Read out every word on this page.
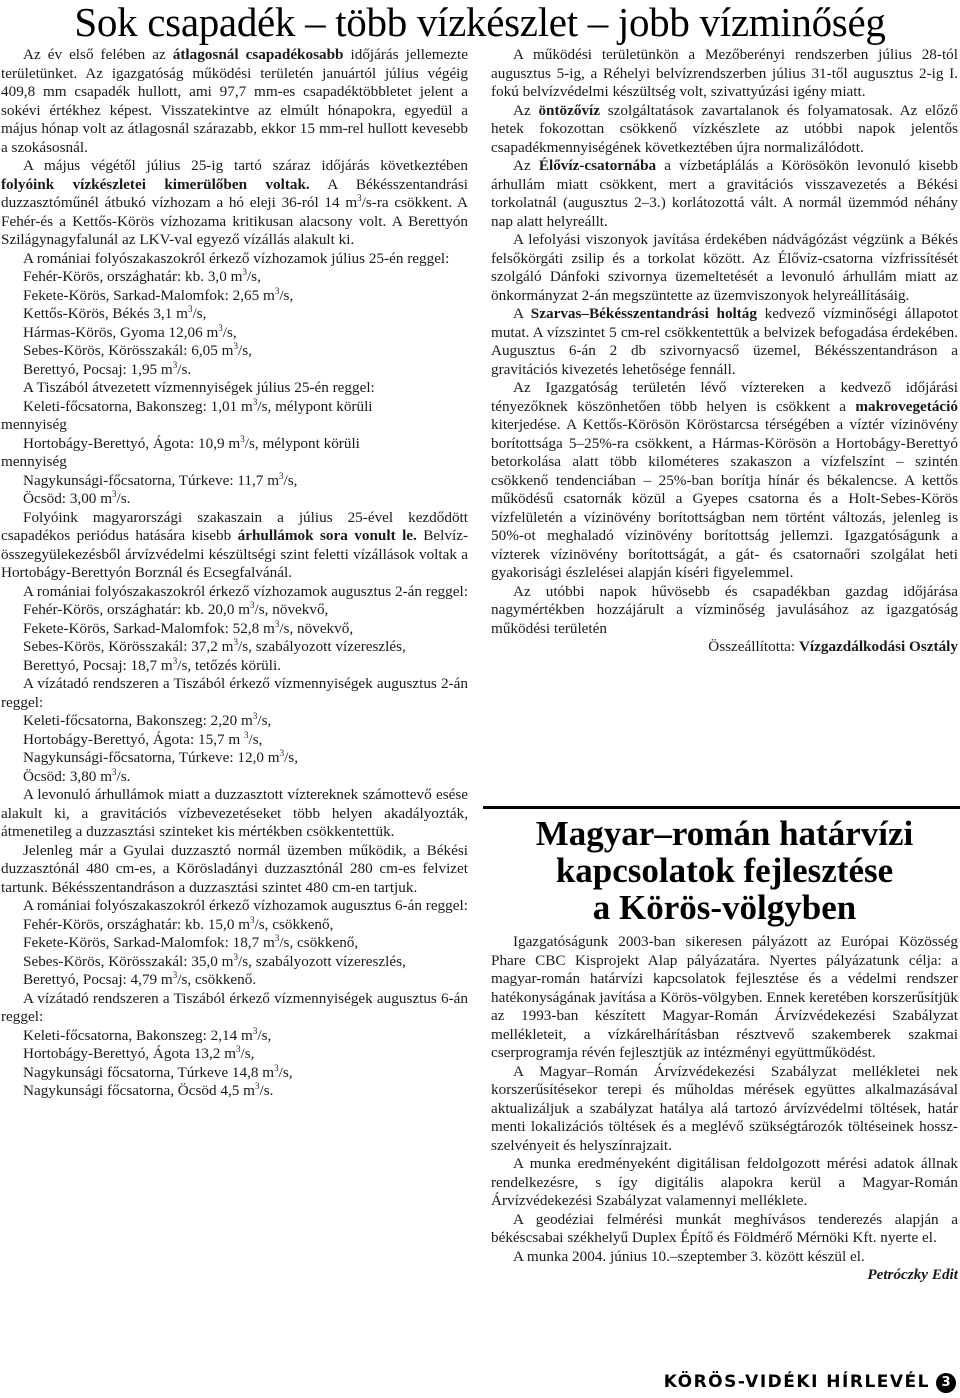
Sok csapadék – több vízkészlet – jobb vízminőség

Az év első felében az átlagosnál csapadékosabb időjárás jellemezte területünket. Az igazgatóság működési területén januártól július végéig 409,8 mm csapadék hullott, ami 97,7 mm-es csapadéktöbbletet jelent a sokévi értékhez képest. Visszatekintve az elmúlt hónapokra, egyedül a május hónap volt az átlagosnál szárazabb, ekkor 15 mm-rel hullott kevesebb a szokásosnál.

A május végétől július 25-ig tartó száraz időjárás következtében folyóink vízkészletei kimerülőben voltak. A Békésszentandrási duzzasztóműnél átbukó vízhozam a hó eleji 36-ról 14 $m^3/s-ra$ csökkent. A Fehér-és a Kettős-Körös vízhozama kritikusan alacsony volt. A Berettyón Szilágynagyfalunál az LKV-val egyező vízállás alakult ki.

A romániai folyószakaszokról érkező vízhozamok július 25-én reggel:

Fehér-Körös, országhatár: kb. 3,0 $m^3/s$,

Fekete-Körös, Sarkad-Malomfok: 2,65 $m^3/s$,

Kettős-Körös, Békés 3,1 $m^3/s$,

Hármas-Körös, Gyoma 12,06 $m^3/s$,

Sebes-Körös, Körösszakál: 6,05 $m^3/s$,

Berettyó, Pocsaj: 1,95 $m^3/s$.

A Tiszából átvezetett vízmennyiségek július 25-én reggel:

Keleti-főcsatorna, Bakonszeg: 1,01 $m^3/s$, mélypont körüli

mennyiség

Hortobágy-Berettyó, Ágota: 10,9 $m^3/s$, mélypont körüli

mennyiség

Nagykunsági-főcsatorna, Túrkeve: 11,7 $m^3/s$,

Öcsöd: 3,00 $m^3/s$.

Folyóink magyarországi szakaszain a július 25-ével kezdődött csapadékos periódus hatására kisebb árhullámok sora vonult le. Belvíz-összegyülekezésből árvízvédelmi készültségi szint feletti vízállások voltak a Hortobágy-Berettyón Borznál és Ecsegfalvánál.

A romániai folyószakaszokról érkező vízhozamok augusztus 2-án reggel:

Fehér-Körös, országhatár: kb. 20,0 $m^3/s$, növekvő,

Fekete-Körös, Sarkad-Malomfok: 52,8 $m^3/s$, növekvő,

Sebes-Körös, Körösszakál: 37,2 $m^3/s$, szabályozott vízereszlés,

Berettyó, Pocsaj: 18,7 $m^3/s$, tetőzés körüli.

A vízátadó rendszeren a Tiszából érkező vízmennyiségek augusztus 2-án reggel:

Keleti-főcsatorna, Bakonszeg: 2,20 $m^3/s$,

Hortobágy-Berettyó, Ágota: 15,7 m $^3$/s,

Nagykunsági-főcsatorna, Túrkeve: 12,0 $m^3/s$,

Öcsöd: 3,80 $m^3/s$.

A levonuló árhullámok miatt a duzzasztott víztereknek számottevő esése alakult ki, a gravitációs vízbevezetéseket több helyen akadályozták, átmenetileg a duzzasztási szinteket kis mértékben csökkentettük.

Jelenleg már a Gyulai duzzasztó normál üzemben működik, a Békési duzzasztónál 480 cm-es, a Körösladányi duzzasztónál 280 cm-es felvizet tartunk. Békésszentandráson a duzzasztási szintet 480 cm-en tartjuk.

A romániai folyószakaszokról érkező vízhozamok augusztus 6-án reggel:

Fehér-Körös, országhatár: kb. 15,0 $m^3/s$, csökkenő,

Fekete-Körös, Sarkad-Malomfok: 18,7 $m^3/s$, csökkenő,

Sebes-Körös, Körösszakál: 35,0 $m^3/s$, szabályozott vízereszlés,

Berettyó, Pocsaj: 4,79 $m^3/s$, csökkenő.

A vízátadó rendszeren a Tiszából érkező vízmennyiségek augusztus 6-án reggel:

Keleti-főcsatorna, Bakonszeg: 2,14 $m^3/s$,

Hortobágy-Berettyó, Ágota 13,2 $m^3/s$,

Nagykunsági főcsatorna, Túrkeve 14,8 $m^3/s$,

Nagykunsági főcsatorna, Öcsöd 4,5 $m^3/s$.

A működési területünkön a Mezőberényi rendszerben július 28-tól augusztus 5-ig, a Réhelyi belvízrendszerben július 31-től augusztus 2-ig I. fokú belvízvédelmi készültség volt, szivattyúzási igény miatt.

Az öntözővíz szolgáltatások zavartalanok és folyamatosak. Az előző hetek fokozottan csökkenő vízkészlete az utóbbi napok jelentős csapadékmennyiségének következtében újra normalizálódott.

Az Élővíz-csatornába a vízbetáplálás a Körösökön levonuló kisebb árhullám miatt csökkent, mert a gravitációs visszavezetés a Békési torkolatnál (augusztus 2–3.) korlátozottá vált. A normál üzemmód néhány nap alatt helyreállt.

A lefolyási viszonyok javítása érdekében nádvágózást végzünk a Békés felsőkörgáti zsilip és a torkolat között. Az Élővíz-csatorna vízfrissítését szolgáló Dánfoki szivornya üzemeltetését a levonuló árhullám miatt az önkormányzat 2-án megszüntette az üzemviszonyok helyreállításáig.

A Szarvas–Békésszentandrási holtág kedvező vízminőségi állapotot mutat. A vízszintet 5 cm-rel csökkentettük a belvizek befogadása érdekében. Augusztus 6-án 2 db szivornyacső üzemel, Békésszentandráson a gravitációs kivezetés lehetősége fennáll.

Az Igazgatóság területén lévő víztereken a kedvező időjárási tényezőknek köszönhetően több helyen is csökkent a makrovegetáció kiterjedése. A Kettős-Körösön Köröstarcsa térségében a víztér vízinövény borítottsága 5–25%-ra csökkent, a Hármas-Körösön a Hortobágy-Berettyó betorkolása alatt több kilométeres szakaszon a vízfelszínt – szintén csökkenő tendenciában – 25%-ban borítja hínár és békalencse. A kettős működésű csatornák közül a Gyepes csatorna és a Holt-Sebes-Körös vízfelületén a vízinövény borítottságban nem történt változás, jelenleg is 50%-ot meghaladó vízinövény borítottság jellemzi. Igazgatóságunk a vízterek vízinövény borítottságát, a gát- és csatornaőri szolgálat heti gyakorisági észlelései alapján kíséri figyelemmel.

Az utóbbi napok hűvösebb és csapadékban gazdag időjárása nagymértékben hozzájárult a vízminőség javulásához az igazgatóság működési területén

Összeállította: Vízgazdálkodási Osztály

Magyar–román határvízi
kapcsolatok fejlesztése
a Körös-völgyben

Igazgatóságunk 2003-ban sikeresen pályázott az Európai Közösség Phare CBC Kisprojekt Alap pályázatára. Nyertes pályázatunk célja: a magyar-román határvízi kapcsolatok fejlesztése és a védelmi rendszer hatékonyságának javítása a Körös-völgyben. Ennek keretében korszerűsítjük az 1993-ban készített Magyar-Román Árvízvédekezési Szabályzat mellékleteit, a vízkárelhárításban résztvevő szakemberek szakmai cserprogramja révén fejlesztjük az intézményi együttműködést.

A Magyar–Román Árvízvédekezési Szabályzat mellékletei nek korszerűsítésekor terepi és műholdas mérések együttes alkalmazásával aktualizáljuk a szabályzat hatálya alá tartozó árvízvédelmi töltések, határ menti lokalizációs töltések és a meglévő szükségtározók töltéseinek hossz-szelvényeit és helyszínrajzait.

A munka eredményeként digitálisan feldolgozott mérési adatok állnak rendelkezésre, s így digitális alapokra kerül a Magyar-Román Árvízvédekezési Szabályzat valamennyi melléklete.

A geodéziai felmérési munkát meghívásos tenderezés alapján a békéscsabai székhelyű Duplex Építő és Földmérő Mérnöki Kft. nyerte el.

A munka 2004. június 10.–szeptember 3. között készül el.

Petróczky Edit

KÖRÖS-VIDÉKI HÍRLEVÉL 3
